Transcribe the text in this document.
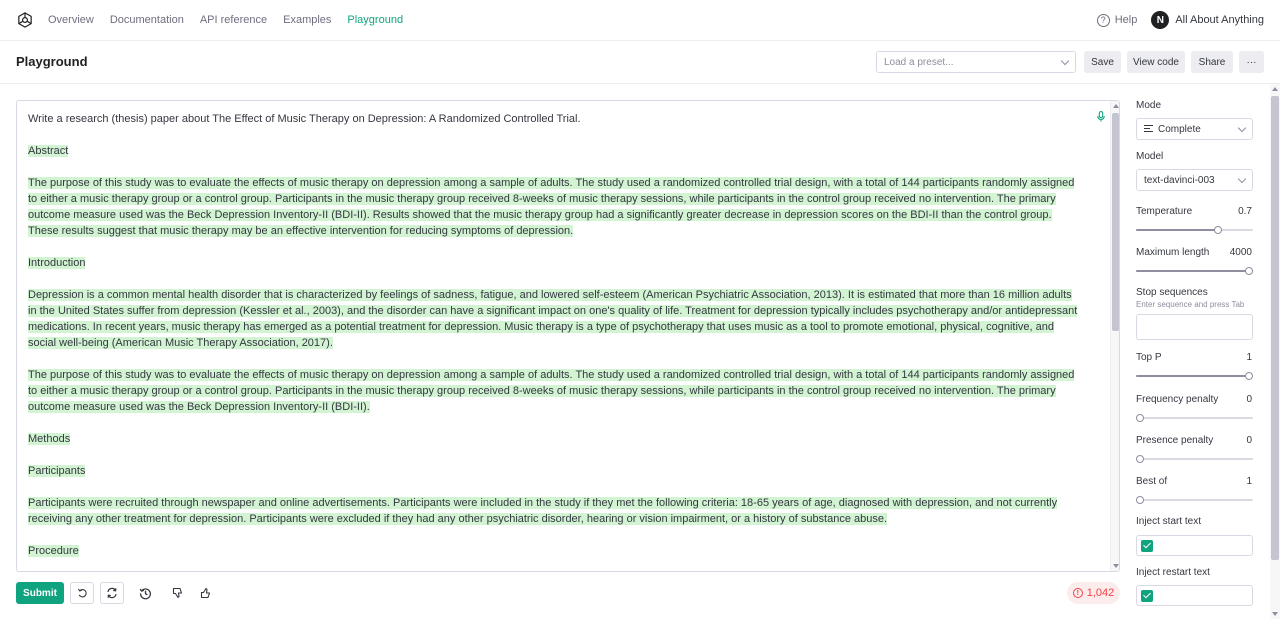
Overview Documentation API reference Examples Playground	? Help	N	All About Anything
Playground	Load a preset...	Save	View code	Share	···

Write a research (thesis) paper about The Effect of Music Therapy on Depression: A Randomized Controlled Trial.

Abstract

The purpose of this study was to evaluate the effects of music therapy on depression among a sample of adults. The study used a randomized controlled trial design, with a total of 144 participants randomly assigned to either a music therapy group or a control group. Participants in the music therapy group received 8-weeks of music therapy sessions, while participants in the control group received no intervention. The primary outcome measure used was the Beck Depression Inventory-II (BDI-II). Results showed that the music therapy group had a significantly greater decrease in depression scores on the BDI-II than the control group. These results suggest that music therapy may be an effective intervention for reducing symptoms of depression.

Introduction

Depression is a common mental health disorder that is characterized by feelings of sadness, fatigue, and lowered self-esteem (American Psychiatric Association, 2013). It is estimated that more than 16 million adults in the United States suffer from depression (Kessler et al., 2003), and the disorder can have a significant impact on one's quality of life. Treatment for depression typically includes psychotherapy and/or antidepressant medications. In recent years, music therapy has emerged as a potential treatment for depression. Music therapy is a type of psychotherapy that uses music as a tool to promote emotional, physical, cognitive, and social well-being (American Music Therapy Association, 2017).

The purpose of this study was to evaluate the effects of music therapy on depression among a sample of adults. The study used a randomized controlled trial design, with a total of 144 participants randomly assigned to either a music therapy group or a control group. Participants in the music therapy group received 8-weeks of music therapy sessions, while participants in the control group received no intervention. The primary outcome measure used was the Beck Depression Inventory-II (BDI-II).

Methods

Participants

Participants were recruited through newspaper and online advertisements. Participants were included in the study if they met the following criteria: 18-65 years of age, diagnosed with depression, and not currently receiving any other treatment for depression. Participants were excluded if they had any other psychiatric disorder, hearing or vision impairment, or a history of substance abuse.

Procedure

Submit	! 1,042
Mode
Complete
Model
text-davinci-003
Temperature	0.7
Maximum length 4000
Stop sequences
Enter sequence and press Tab
Top P	1
Frequency penalty	0
Presence penalty	0
Best of	1
Inject start text
Inject restart text
